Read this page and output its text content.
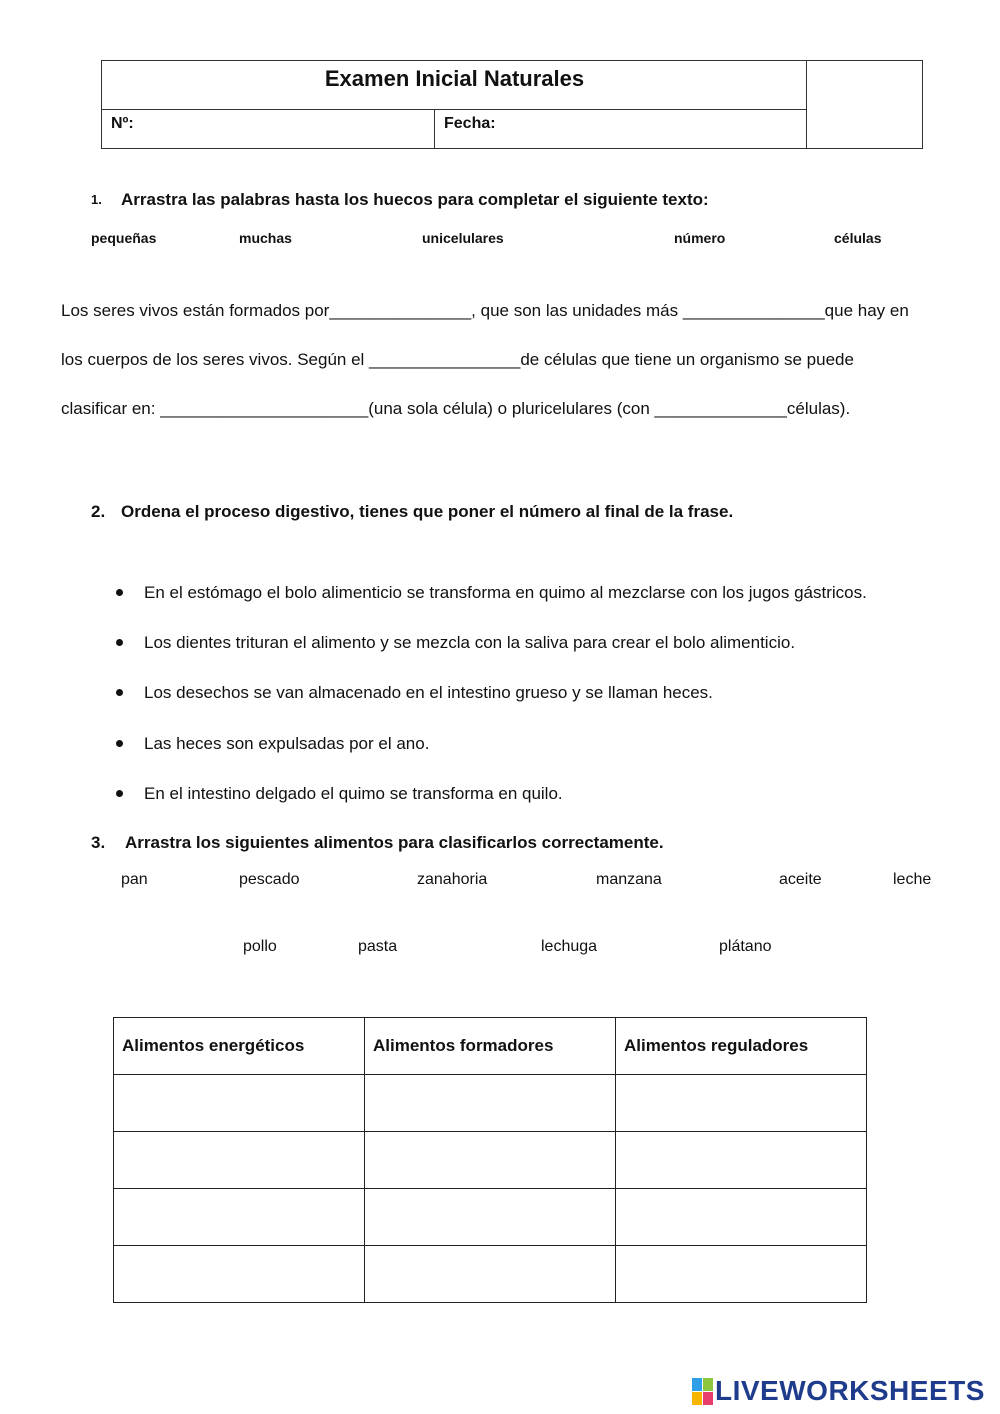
Examen Inicial Naturales
Nº:	Fecha:
1. Arrastra las palabras hasta los huecos para completar el siguiente texto:
pequeñas	muchas	unicelulares	número	células
Los seres vivos están formados por_______________, que son las unidades más _______________que hay en
los cuerpos de los seres vivos. Según el ________________de células que tiene un organismo se puede
clasificar en: ______________________(una sola célula) o pluricelulares (con ______________células).
2. Ordena el proceso digestivo, tienes que poner el número al final de la frase.
En el estómago el bolo alimenticio se transforma en quimo al mezclarse con los jugos gástricos.
Los dientes trituran el alimento y se mezcla con la saliva para crear el bolo alimenticio.
Los desechos se van almacenado en el intestino grueso y se llaman heces.
Las heces son expulsadas por el ano.
En el intestino delgado el quimo se transforma en quilo.
3. Arrastra los siguientes alimentos para clasificarlos correctamente.
pan	pescado	zanahoria	manzana	aceite	leche
pollo	pasta	lechuga	plátano
Alimentos energéticos	Alimentos formadores	Alimentos reguladores

LIVEWORKSHEETS
